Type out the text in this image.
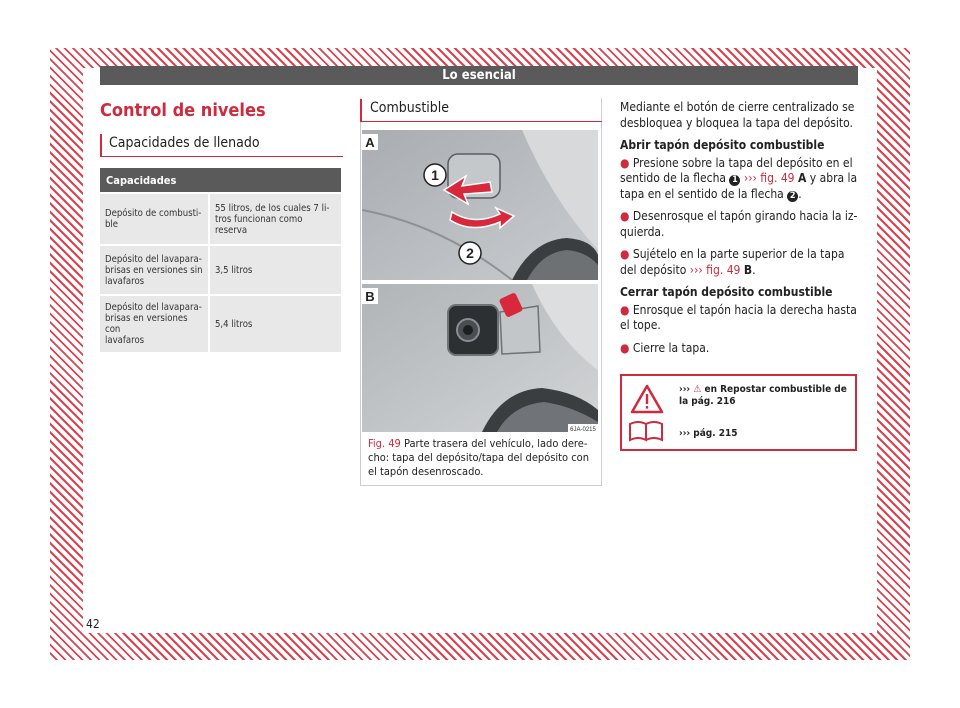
Lo esencial
Control de niveles
Capacidades de llenado
Capacidades	
Depósito de combusti-
ble	55 litros, de los cuales 7 li-
tros funcionan como reserva
Depósito del lavapara-
brisas en versiones sin
lavafaros	3,5 litros
Depósito del lavapara-
brisas en versiones con
lavafaros	5,4 litros
Combustible
1
2
A
B
6JA-0215
Fig. 49 Parte trasera del vehículo, lado dere-
cho: tapa del depósito/tapa del depósito con
el tapón desenroscado.

Mediante el botón de cierre centralizado se desbloquea y bloquea la tapa del depósito.

Abrir tapón depósito combustible

● Presione sobre la tapa del depósito en el sentido de la flecha 1 ››› fig. 49 A y abra la tapa en el sentido de la flecha 2 .

● Desenrosque el tapón girando hacia la iz-quierda.

● Sujételo en la parte superior de la tapa del depósito ››› fig. 49 B.

Cerrar tapón depósito combustible

● Enrosque el tapón hacia la derecha hasta el tope.

● Cierre la tapa.

››› ⚠ en Repostar combustible de la pág. 216
››› pág. 215
42
